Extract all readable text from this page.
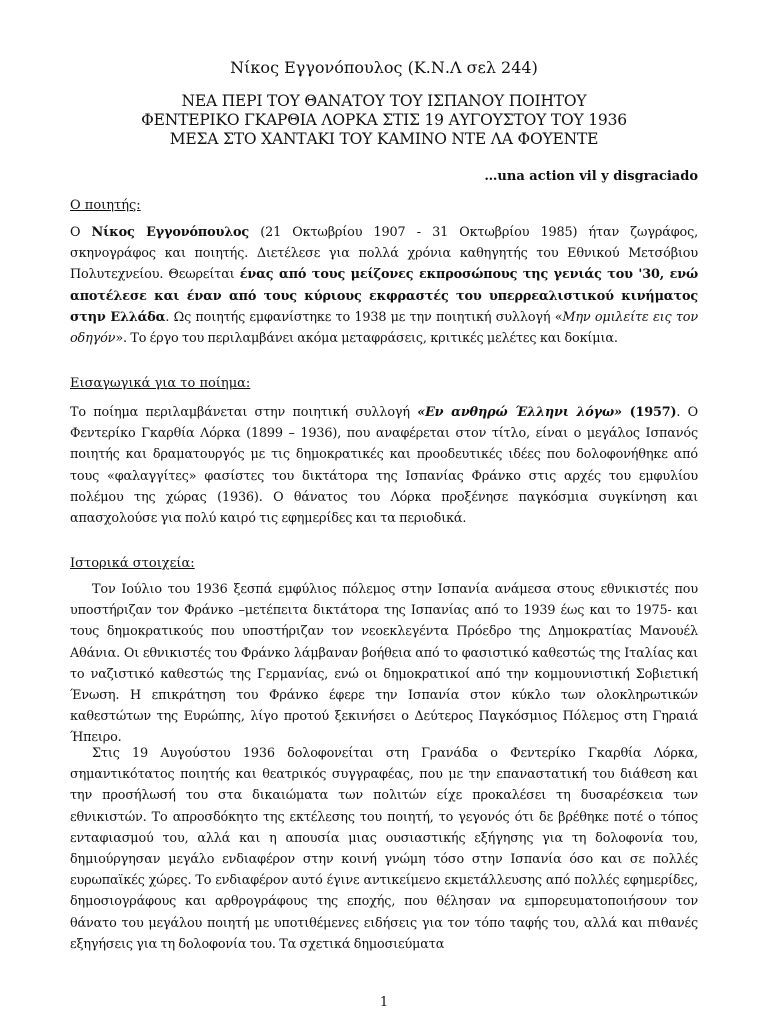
Νίκος Εγγονόπουλος (Κ.Ν.Λ σελ 244)
ΝΕΑ ΠΕΡΙ ΤΟΥ ΘΑΝΑΤΟΥ ΤΟΥ ΙΣΠΑΝΟΥ ΠΟΙΗΤΟΥ
ΦΕΝΤΕΡΙΚΟ ΓΚΑΡΘΙΑ ΛΟΡΚΑ ΣΤΙΣ 19 ΑΥΓΟΥΣΤΟΥ ΤΟΥ 1936
ΜΕΣΑ ΣΤΟ ΧΑΝΤΑΚΙ ΤΟΥ ΚΑΜΙΝΟ ΝΤΕ ΛΑ ΦΟΥΕΝΤΕ
…una action vil y disgraciado
Ο ποιητής:
Ο Νίκος Εγγονόπουλος (21 Οκτωβρίου 1907 - 31 Οκτωβρίου 1985) ήταν ζωγράφος, σκηνογράφος και ποιητής. Διετέλεσε για πολλά χρόνια καθηγητής του Εθνικού Μετσόβιου Πολυτεχνείου. Θεωρείται ένας από τους μείζονες εκπροσώπους της γενιάς του '30, ενώ αποτέλεσε και έναν από τους κύριους εκφραστές του υπερρεαλιστικού κινήματος στην Ελλάδα. Ως ποιητής εμφανίστηκε το 1938 με την ποιητική συλλογή «Μην ομιλείτε εις τον οδηγόν». Το έργο του περιλαμβάνει ακόμα μεταφράσεις, κριτικές μελέτες και δοκίμια.
Εισαγωγικά για το ποίημα:
Το ποίημα περιλαμβάνεται στην ποιητική συλλογή «Εν ανθηρώ Έλληνι λόγω» (1957). Ο Φεντερίκο Γκαρθία Λόρκα (1899 – 1936), που αναφέρεται στον τίτλο, είναι ο μεγάλος Ισπανός ποιητής και δραματουργός με τις δημοκρατικές και προοδευτικές ιδέες που δολοφονήθηκε από τους «φαλαγγίτες» φασίστες του δικτάτορα της Ισπανίας Φράνκο στις αρχές του εμφυλίου πολέμου της χώρας (1936). Ο θάνατος του Λόρκα προξένησε παγκόσμια συγκίνηση και απασχολούσε για πολύ καιρό τις εφημερίδες και τα περιοδικά.
Ιστορικά στοιχεία:
Τον Ιούλιο του 1936 ξεσπά εμφύλιος πόλεμος στην Ισπανία ανάμεσα στους εθνικιστές που υποστήριζαν τον Φράνκο –μετέπειτα δικτάτορα της Ισπανίας από το 1939 έως και το 1975- και τους δημοκρατικούς που υποστήριζαν τον νεοεκλεγέντα Πρόεδρο της Δημοκρατίας Μανουέλ Αθάνια. Οι εθνικιστές του Φράνκο λάμβαναν βοήθεια από το φασιστικό καθεστώς της Ιταλίας και το ναζιστικό καθεστώς της Γερμανίας, ενώ οι δημοκρατικοί από την κομμουνιστική Σοβιετική Ένωση. Η επικράτηση του Φράνκο έφερε την Ισπανία στον κύκλο των ολοκληρωτικών καθεστώτων της Ευρώπης, λίγο προτού ξεκινήσει ο Δεύτερος Παγκόσμιος Πόλεμος στη Γηραιά Ήπειρο.
Στις 19 Αυγούστου 1936 δολοφονείται στη Γρανάδα ο Φεντερίκο Γκαρθία Λόρκα, σημαντικότατος ποιητής και θεατρικός συγγραφέας, που με την επαναστατική του διάθεση και την προσήλωσή του στα δικαιώματα των πολιτών είχε προκαλέσει τη δυσαρέσκεια των εθνικιστών. Το απροσδόκητο της εκτέλεσης του ποιητή, το γεγονός ότι δε βρέθηκε ποτέ ο τόπος ενταφιασμού του, αλλά και η απουσία μιας ουσιαστικής εξήγησης για τη δολοφονία του, δημιούργησαν μεγάλο ενδιαφέρον στην κοινή γνώμη τόσο στην Ισπανία όσο και σε πολλές ευρωπαϊκές χώρες. Το ενδιαφέρον αυτό έγινε αντικείμενο εκμετάλλευσης από πολλές εφημερίδες, δημοσιογράφους και αρθρογράφους της εποχής, που θέλησαν να εμπορευματοποιήσουν τον θάνατο του μεγάλου ποιητή με υποτιθέμενες ειδήσεις για τον τόπο ταφής του, αλλά και πιθανές εξηγήσεις για τη δολοφονία του. Τα σχετικά δημοσιεύματα
1
